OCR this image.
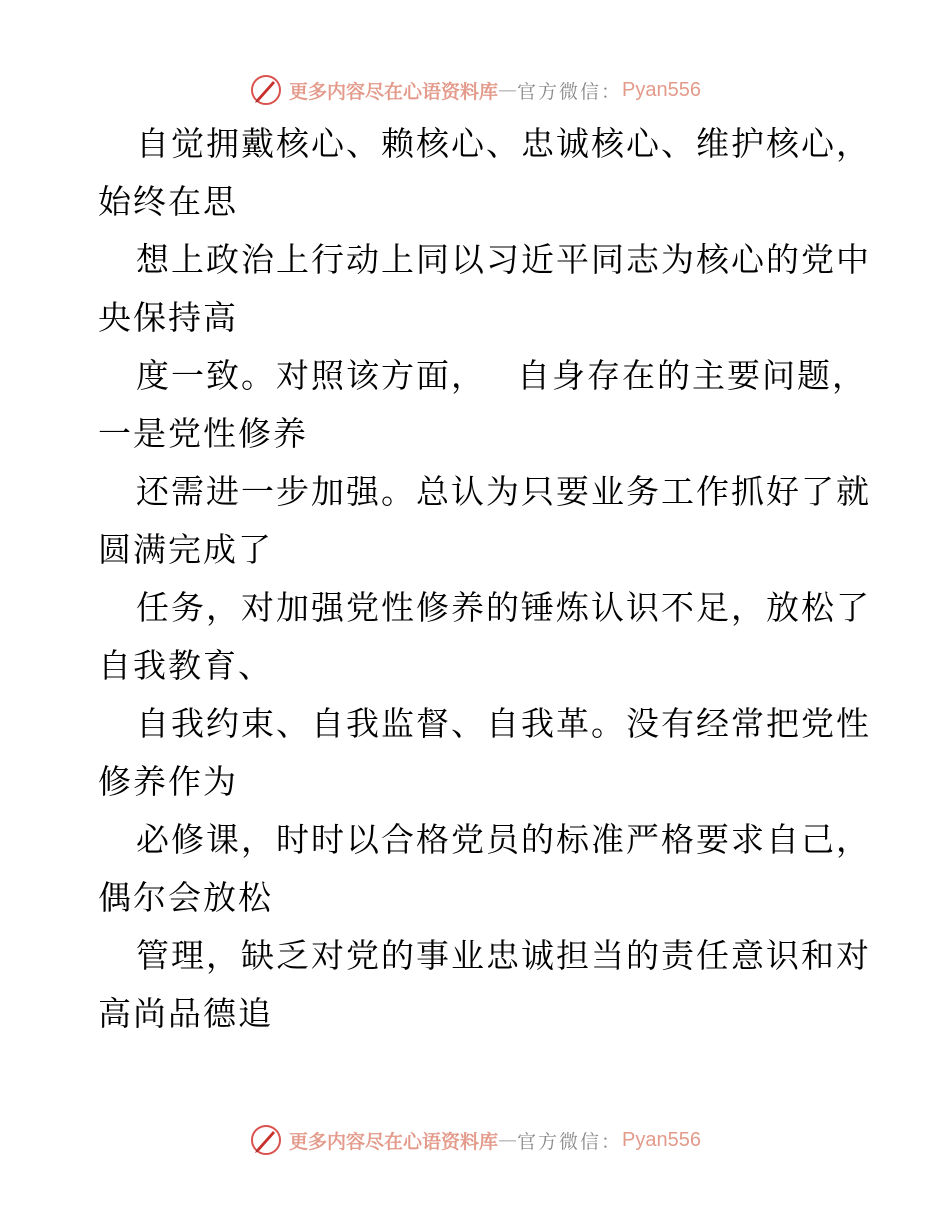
更多内容尽在心语资料库 — 官方微信： Pyan556
自觉拥戴核心、赖核心、忠诚核心、维护核心，
始终在思
想上政治上行动上同以习近平同志为核心的党中
央保持高
度一致。对照该方面，　 自身存在的主要问题，
一是党性修养
还需进一步加强。总认为只要业务工作抓好了就
圆满完成了
任务，对加强党性修养的锤炼认识不足，放松了
自我教育、
自我约束、自我监督、自我革。没有经常把党性
修养作为
必修课，时时以合格党员的标准严格要求自己，
偶尔会放松
管理，缺乏对党的事业忠诚担当的责任意识和对
高尚品德追
更多内容尽在心语资料库 — 官方微信： Pyan556
